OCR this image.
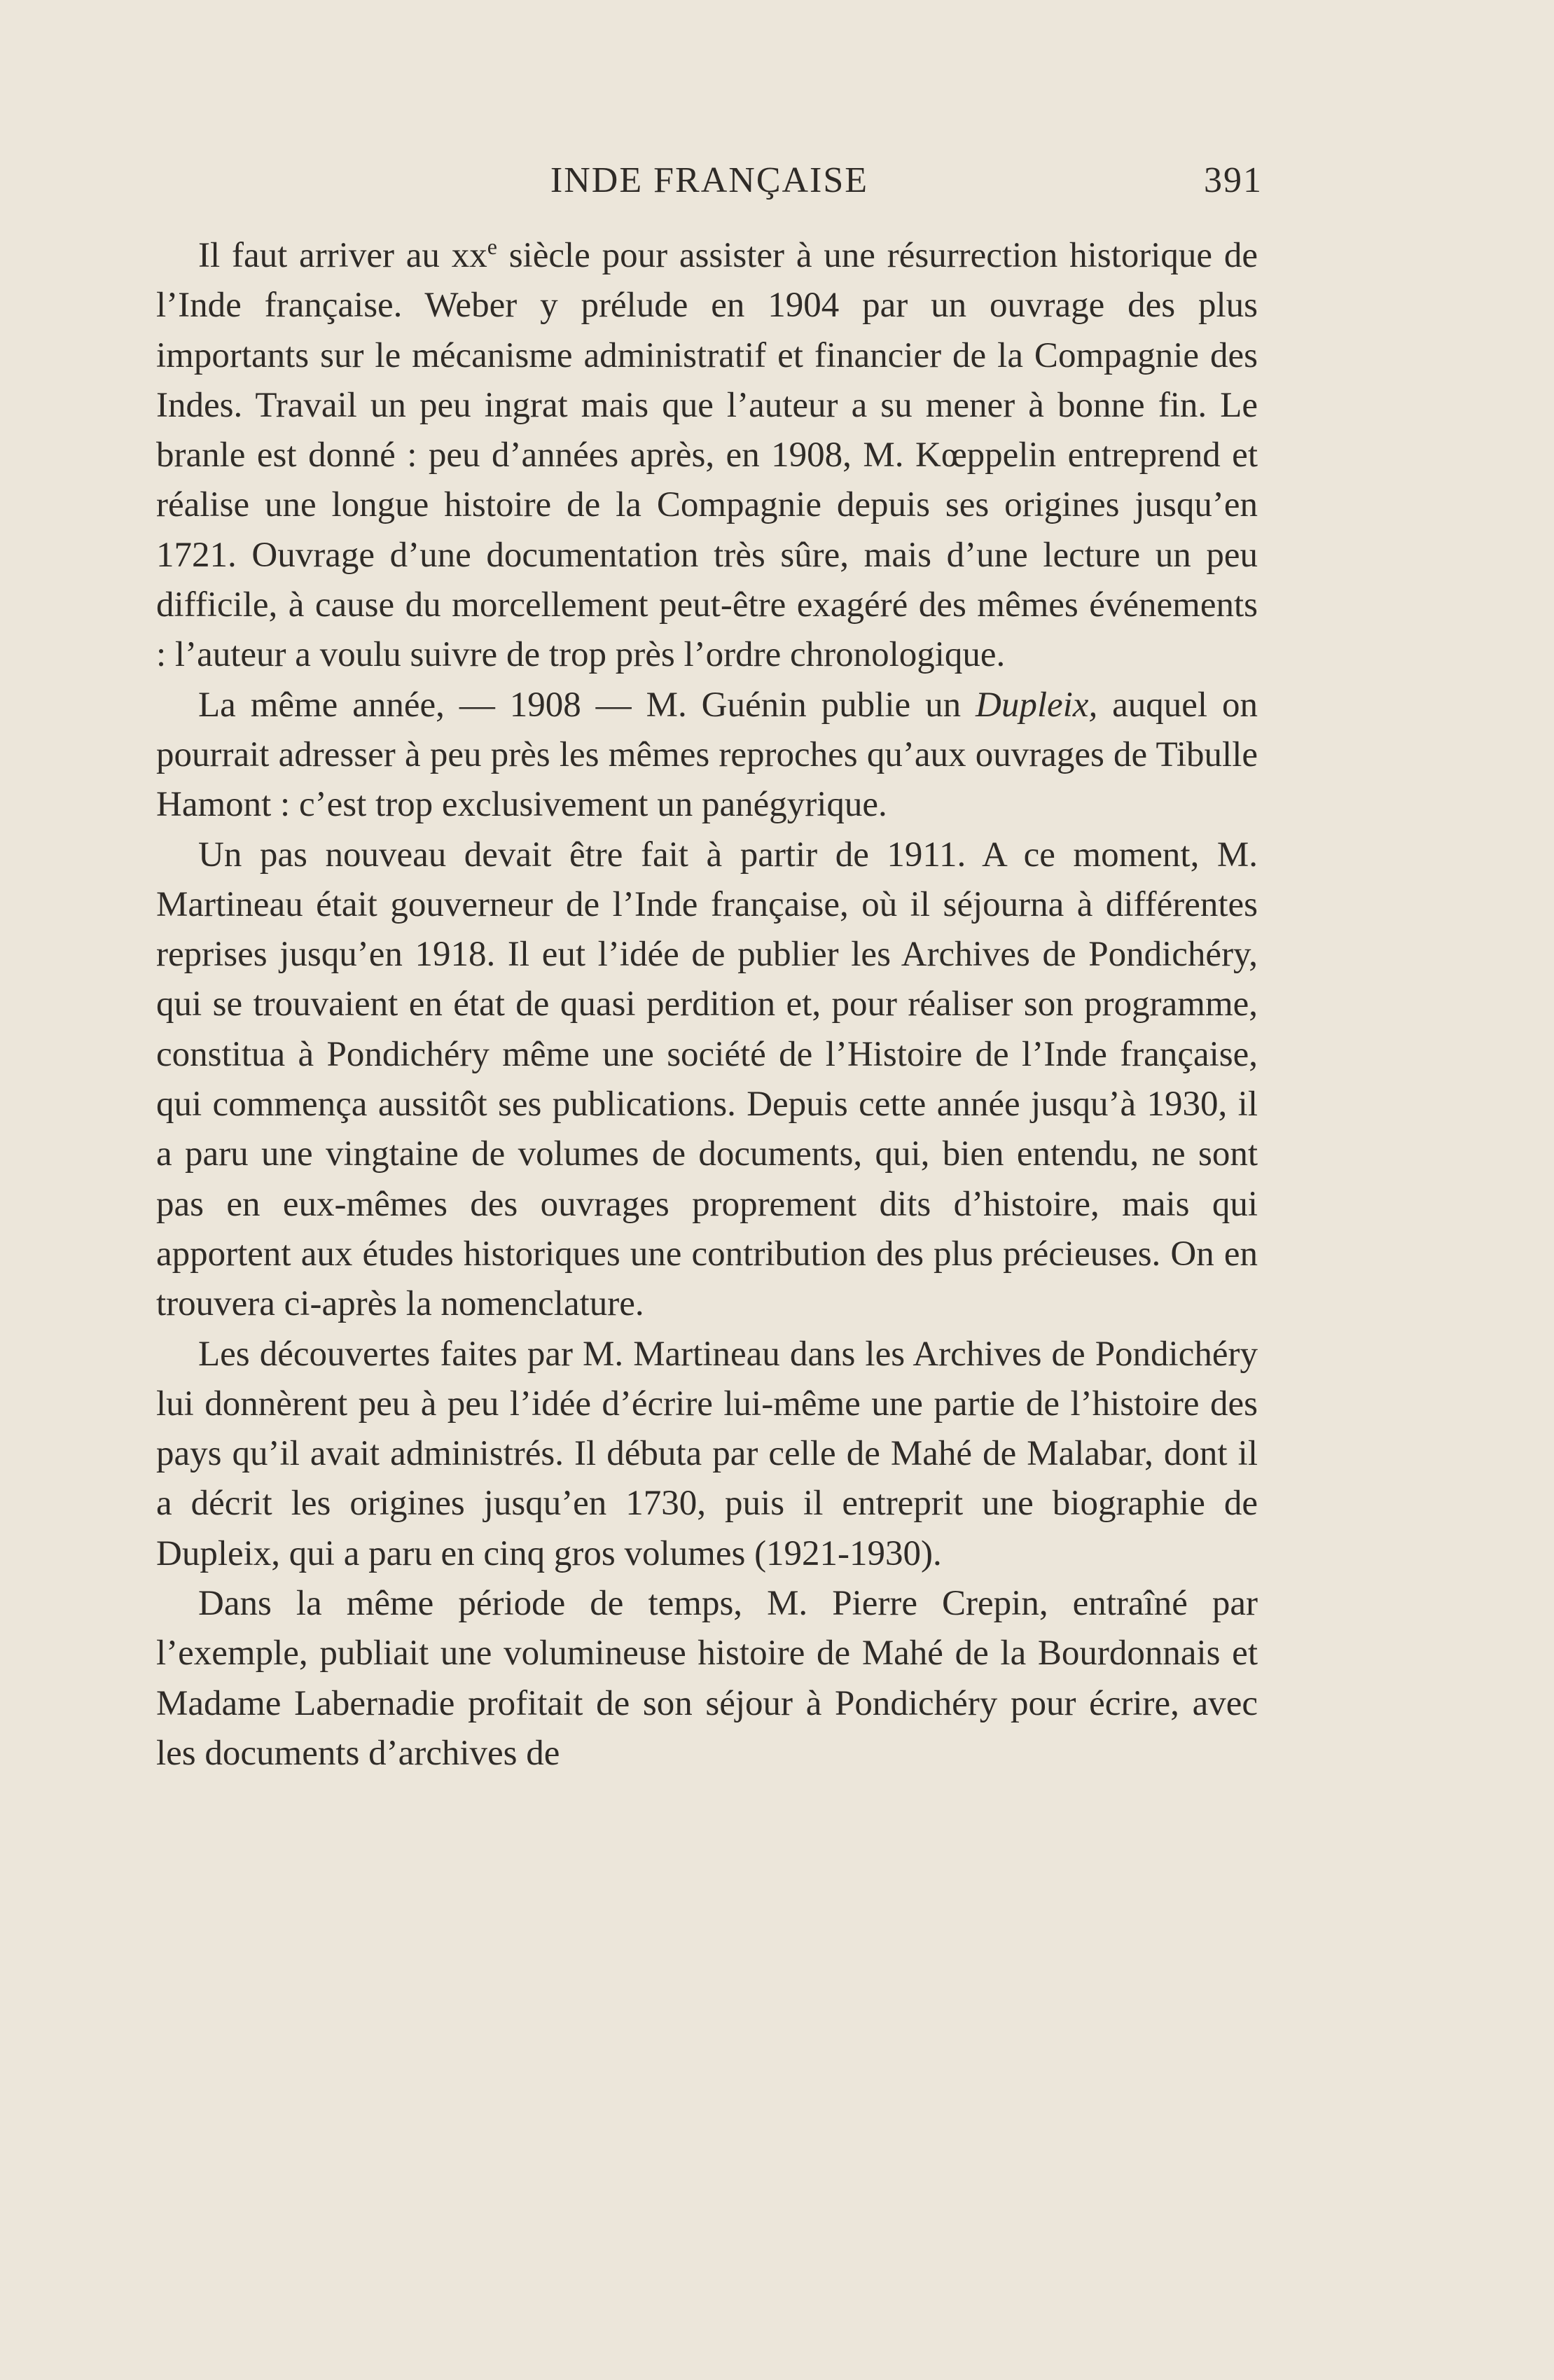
INDE FRANÇAISE	391

Il faut arriver au $xx^e$ siècle pour assister à une résurrection historique de l’Inde française. Weber y prélude en 1904 par un ouvrage des plus importants sur le mécanisme administratif et financier de la Compagnie des Indes. Travail un peu ingrat mais que l’auteur a su mener à bonne fin. Le branle est donné : peu d’années après, en 1908, M. Kœppelin entreprend et réalise une longue histoire de la Compagnie depuis ses origines jusqu’en 1721. Ouvrage d’une documentation très sûre, mais d’une lecture un peu difficile, à cause du morcellement peut-être exagéré des mêmes événements : l’auteur a voulu suivre de trop près l’ordre chronologique.

La même année, — 1908 — M. Guénin publie un Dupleix, auquel on pourrait adresser à peu près les mêmes reproches qu’aux ouvrages de Tibulle Hamont : c’est trop exclusivement un panégyrique.

Un pas nouveau devait être fait à partir de 1911. A ce moment, M. Martineau était gouverneur de l’Inde française, où il séjourna à différentes reprises jusqu’en 1918. Il eut l’idée de publier les Archives de Pondichéry, qui se trouvaient en état de quasi perdition et, pour réaliser son programme, constitua à Pondichéry même une société de l’Histoire de l’Inde française, qui commença aussitôt ses publications. Depuis cette année jusqu’à 1930, il a paru une vingtaine de volumes de documents, qui, bien entendu, ne sont pas en eux-mêmes des ouvrages proprement dits d’histoire, mais qui apportent aux études historiques une contribution des plus précieuses. On en trouvera ci-après la nomenclature.

Les découvertes faites par M. Martineau dans les Archives de Pondichéry lui donnèrent peu à peu l’idée d’écrire lui-même une partie de l’histoire des pays qu’il avait administrés. Il débuta par celle de Mahé de Malabar, dont il a décrit les origines jusqu’en 1730, puis il entreprit une biographie de Dupleix, qui a paru en cinq gros volumes (1921-1930).

Dans la même période de temps, M. Pierre Crepin, entraîné par l’exemple, publiait une volumineuse histoire de Mahé de la Bourdonnais et Madame Labernadie profitait de son séjour à Pondichéry pour écrire, avec les documents d’archives de
